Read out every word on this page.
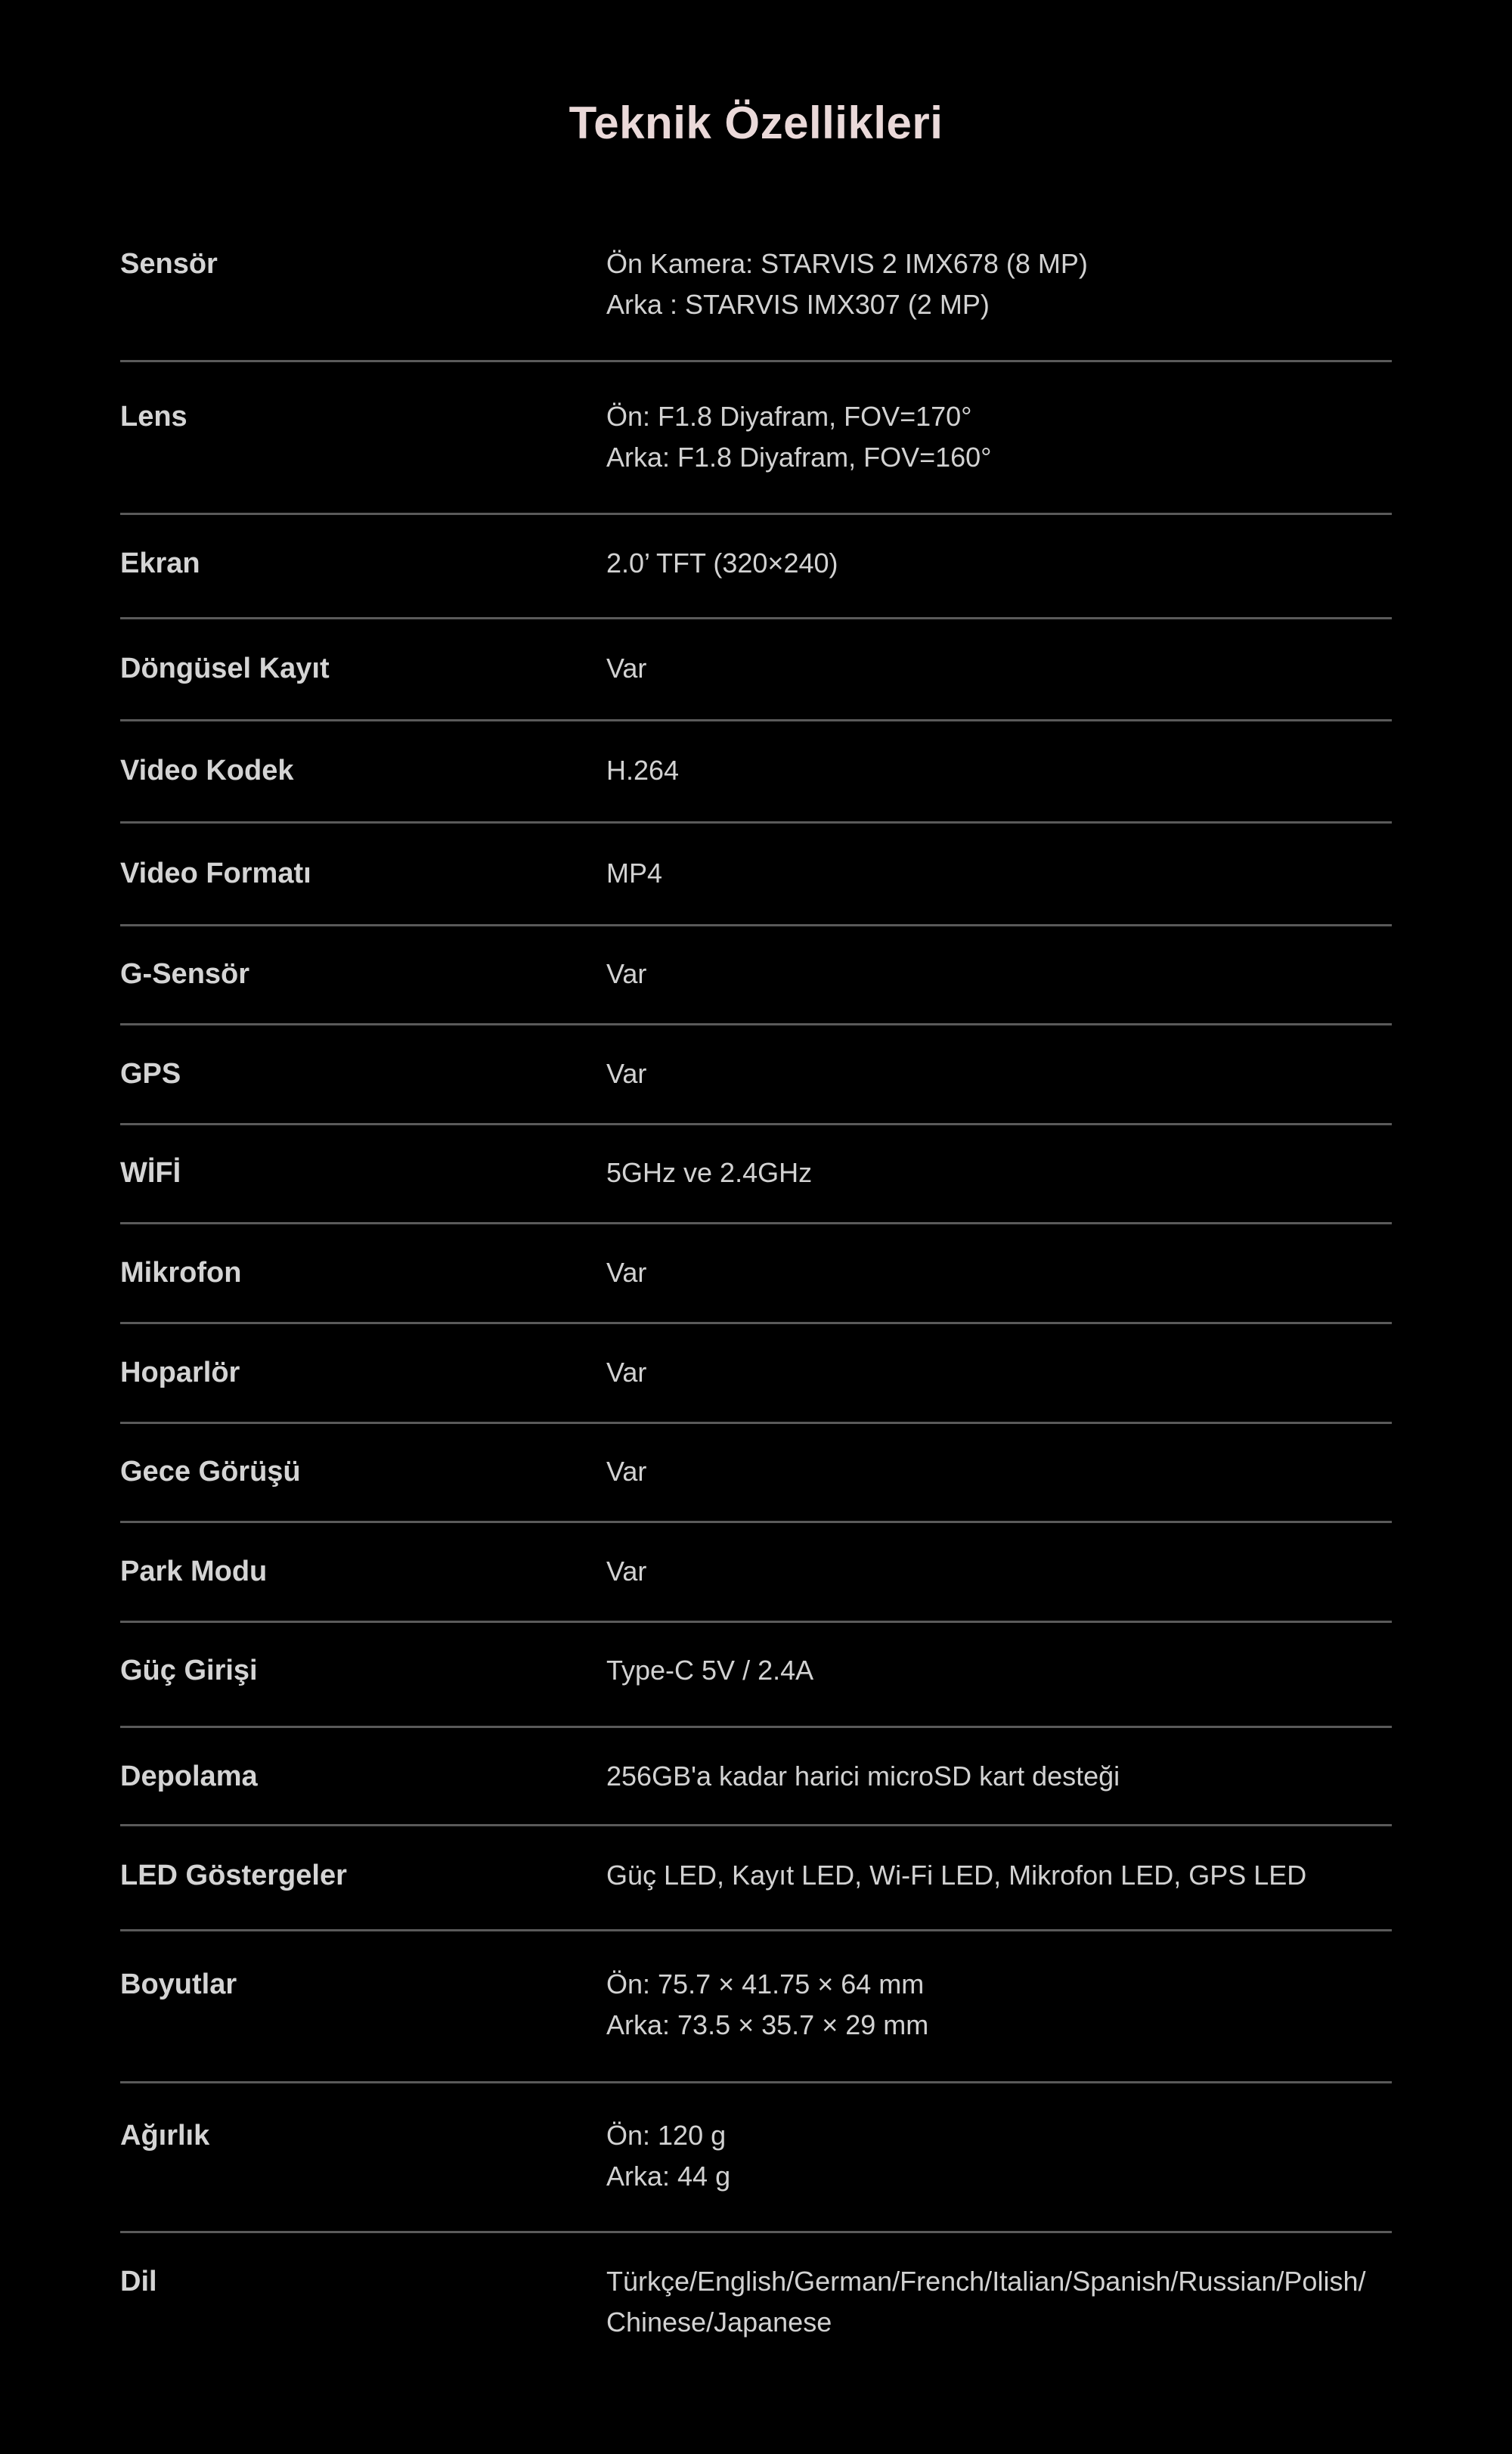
Teknik Özellikleri
Sensör	Ön Kamera: STARVIS 2 IMX678 (8 MP)
Arka : STARVIS IMX307 (2 MP)
Lens	Ön: F1.8 Diyafram, FOV=170°
Arka: F1.8 Diyafram, FOV=160°
Ekran	2.0’ TFT (320×240)
Döngüsel Kayıt	Var
Video Kodek	H.264
Video Formatı	MP4
G-Sensör	Var
GPS	Var
WİFİ	5GHz ve 2.4GHz
Mikrofon	Var
Hoparlör	Var
Gece Görüşü	Var
Park Modu	Var
Güç Girişi	Type-C 5V / 2.4A
Depolama	256GB'a kadar harici microSD kart desteği
LED Göstergeler	Güç LED, Kayıt LED, Wi-Fi LED, Mikrofon LED, GPS LED
Boyutlar	Ön: 75.7 × 41.75 × 64 mm
Arka: 73.5 × 35.7 × 29 mm
Ağırlık	Ön: 120 g
Arka: 44 g
Dil	Türkçe/English/German/French/Italian/Spanish/Russian/Polish/
Chinese/Japanese
